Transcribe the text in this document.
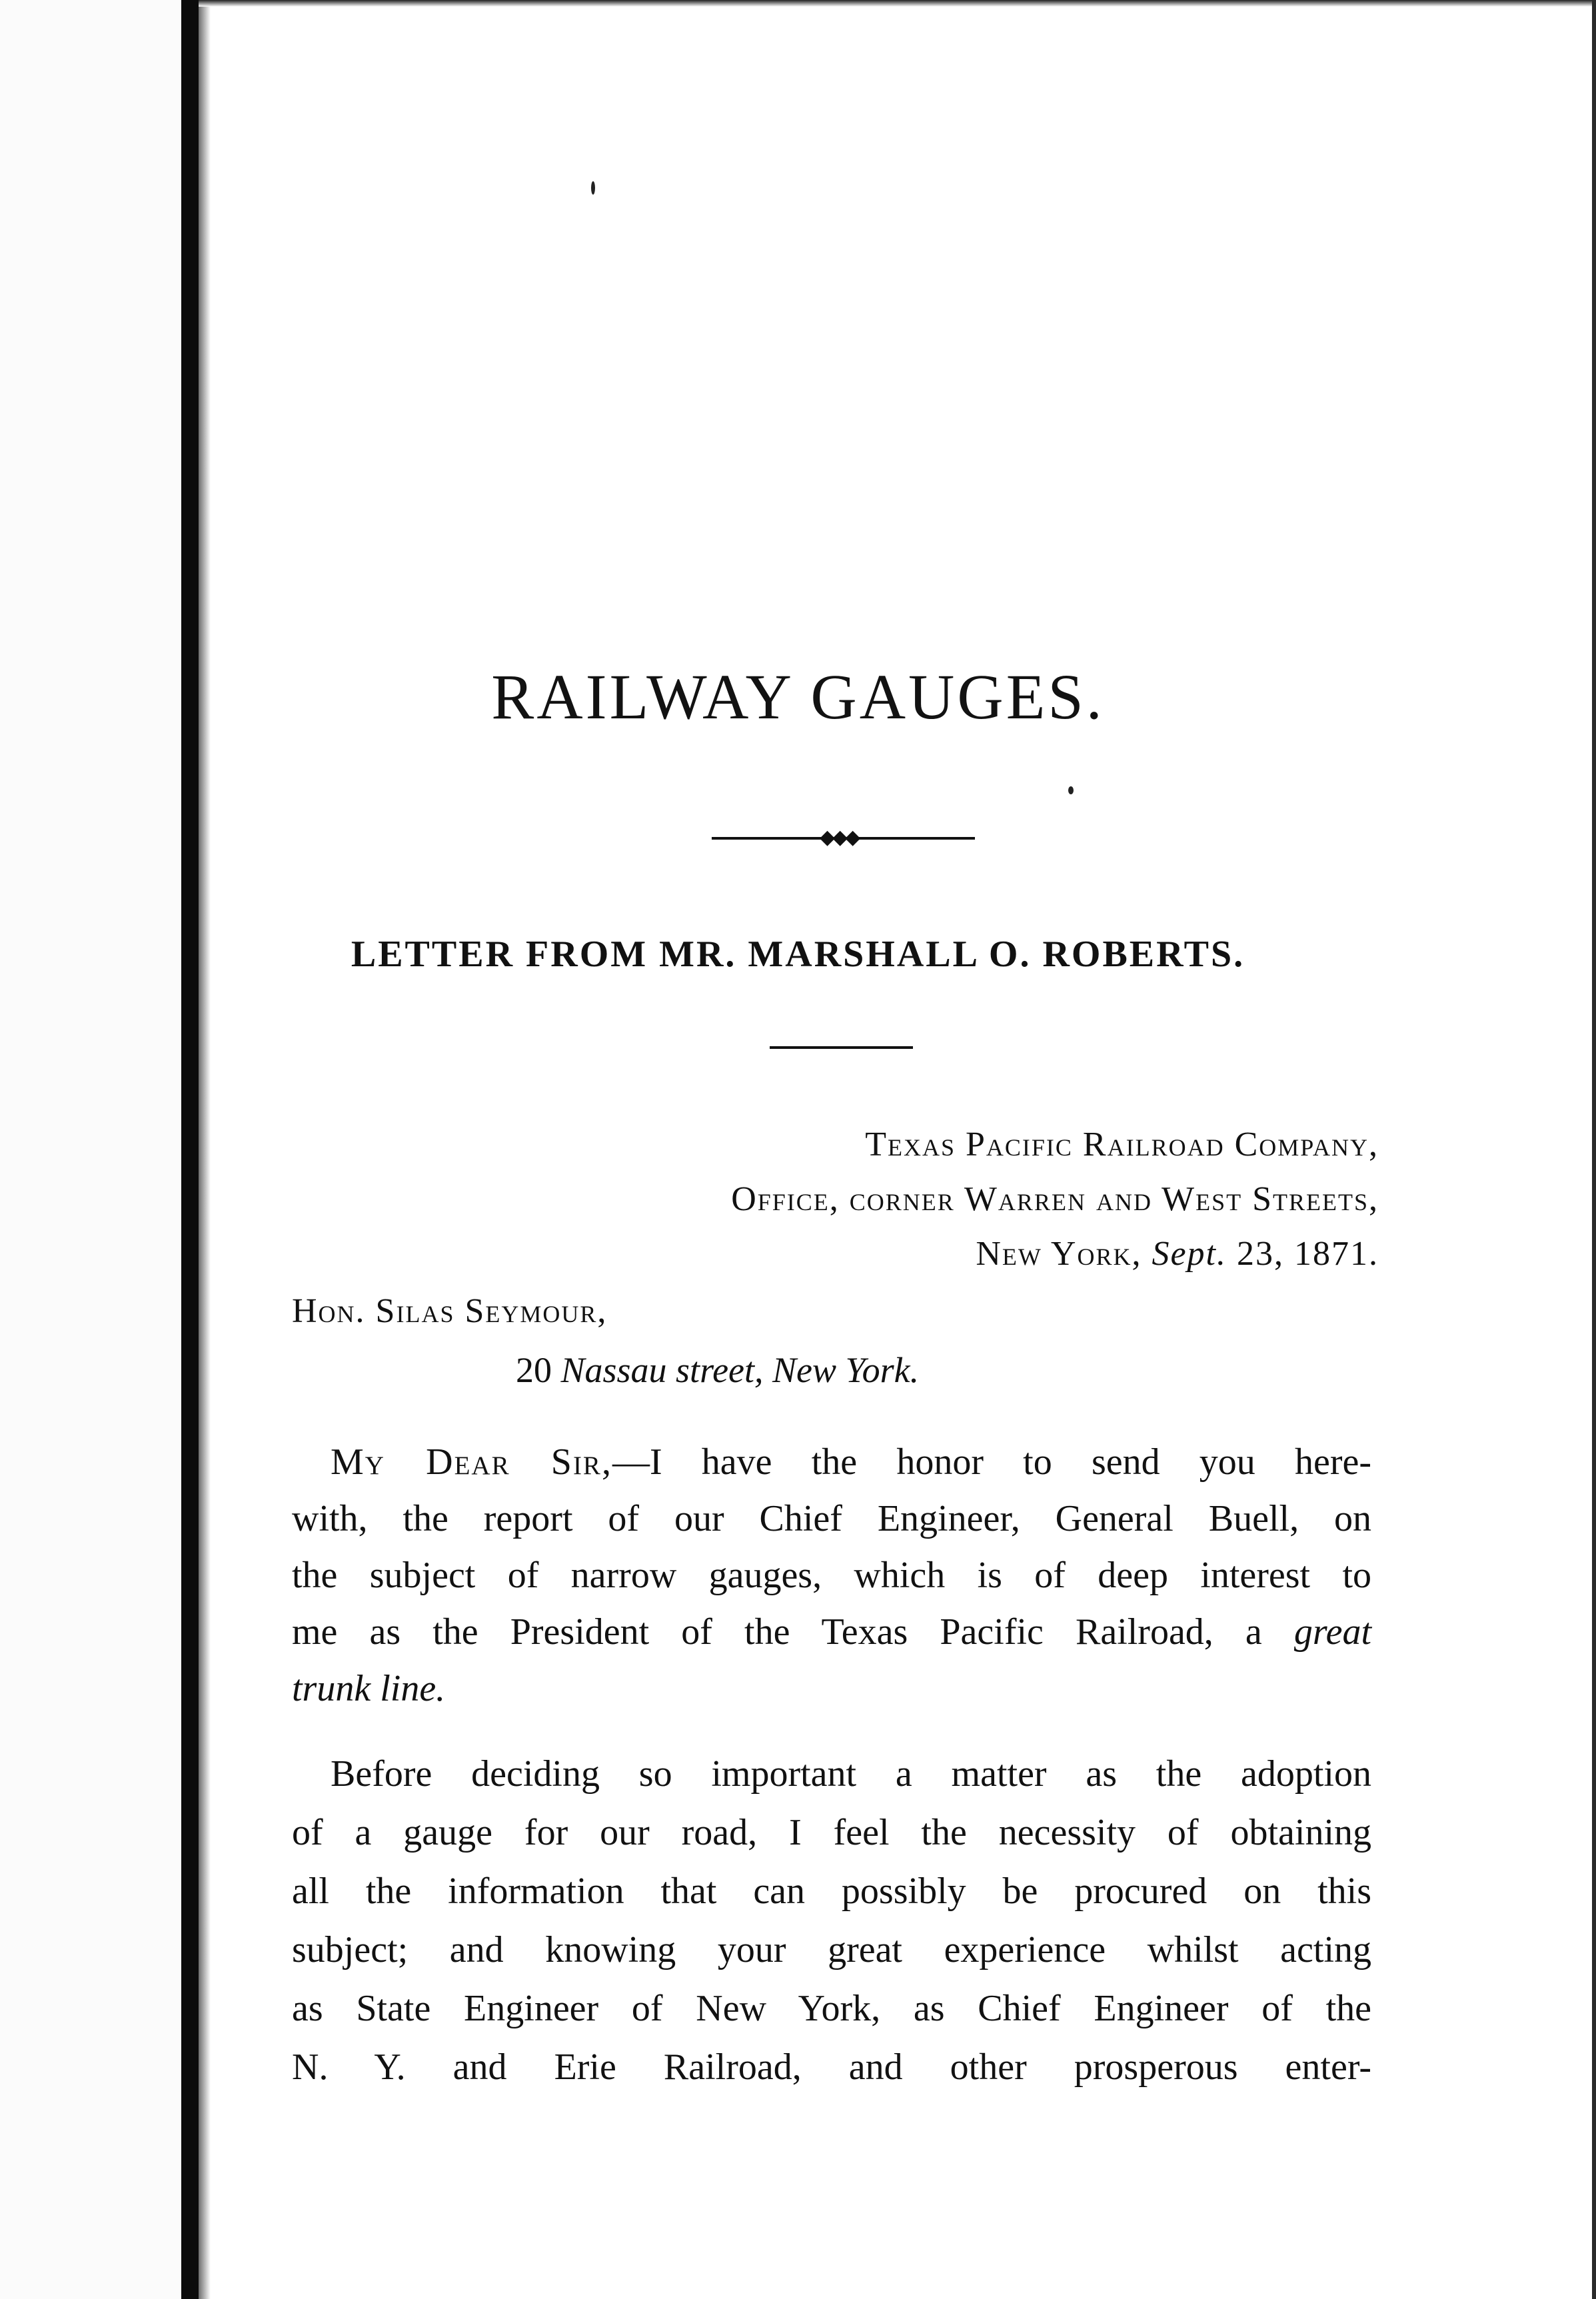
RAILWAY GAUGES.
◆◆◆
LETTER FROM MR. MARSHALL O. ROBERTS.
Texas Pacific Railroad Company,
Office, corner Warren and West Streets,
New York, Sept. 23, 1871.
Hon. Silas Seymour,
20 Nassau street, New York.
My Dear Sir,—I have the honor to send you here-
with, the report of our Chief Engineer, General Buell, on
the subject of narrow gauges, which is of deep interest to
me as the President of the Texas Pacific Railroad, a great
trunk line.
Before deciding so important a matter as the adoption
of a gauge for our road, I feel the necessity of obtaining
all the information that can possibly be procured on this
subject; and knowing your great experience whilst acting
as State Engineer of New York, as Chief Engineer of the
N. Y. and Erie Railroad, and other prosperous enter-
